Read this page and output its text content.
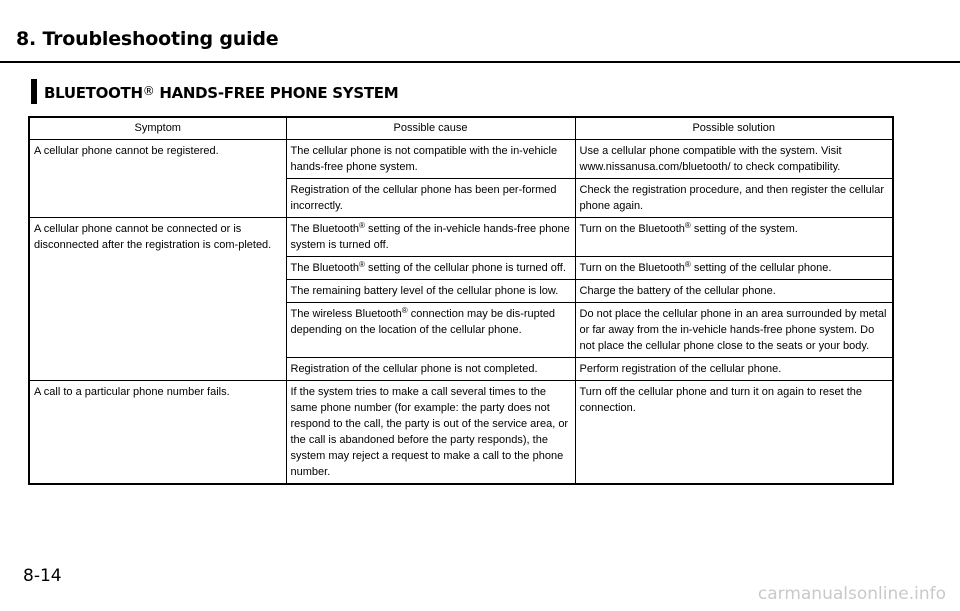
8. Troubleshooting guide
BLUETOOTH® HANDS-FREE PHONE SYSTEM
Symptom	Possible cause	Possible solution
A cellular phone cannot be registered.	The cellular phone is not compatible with the in-vehicle hands-free phone system.	Use a cellular phone compatible with the system. Visit www.nissanusa.com/bluetooth/ to check compatibility.
	Registration of the cellular phone has been per-formed incorrectly.	Check the registration procedure, and then register the cellular phone again.
A cellular phone cannot be connected or is disconnected after the registration is com-pleted.	The Bluetooth® setting of the in-vehicle hands-free phone system is turned off.	Turn on the Bluetooth® setting of the system.
	The Bluetooth® setting of the cellular phone is turned off.	Turn on the Bluetooth® setting of the cellular phone.
	The remaining battery level of the cellular phone is low.	Charge the battery of the cellular phone.
	The wireless Bluetooth® connection may be dis-rupted depending on the location of the cellular phone.	Do not place the cellular phone in an area surrounded by metal or far away from the in-vehicle hands-free phone system. Do not place the cellular phone close to the seats or your body.
	Registration of the cellular phone is not completed.	Perform registration of the cellular phone.
A call to a particular phone number fails.	If the system tries to make a call several times to the same phone number (for example: the party does not respond to the call, the party is out of the service area, or the call is abandoned before the party responds), the system may reject a request to make a call to the phone number.	Turn off the cellular phone and turn it on again to reset the connection.

8-14

carmanualsonline.info
